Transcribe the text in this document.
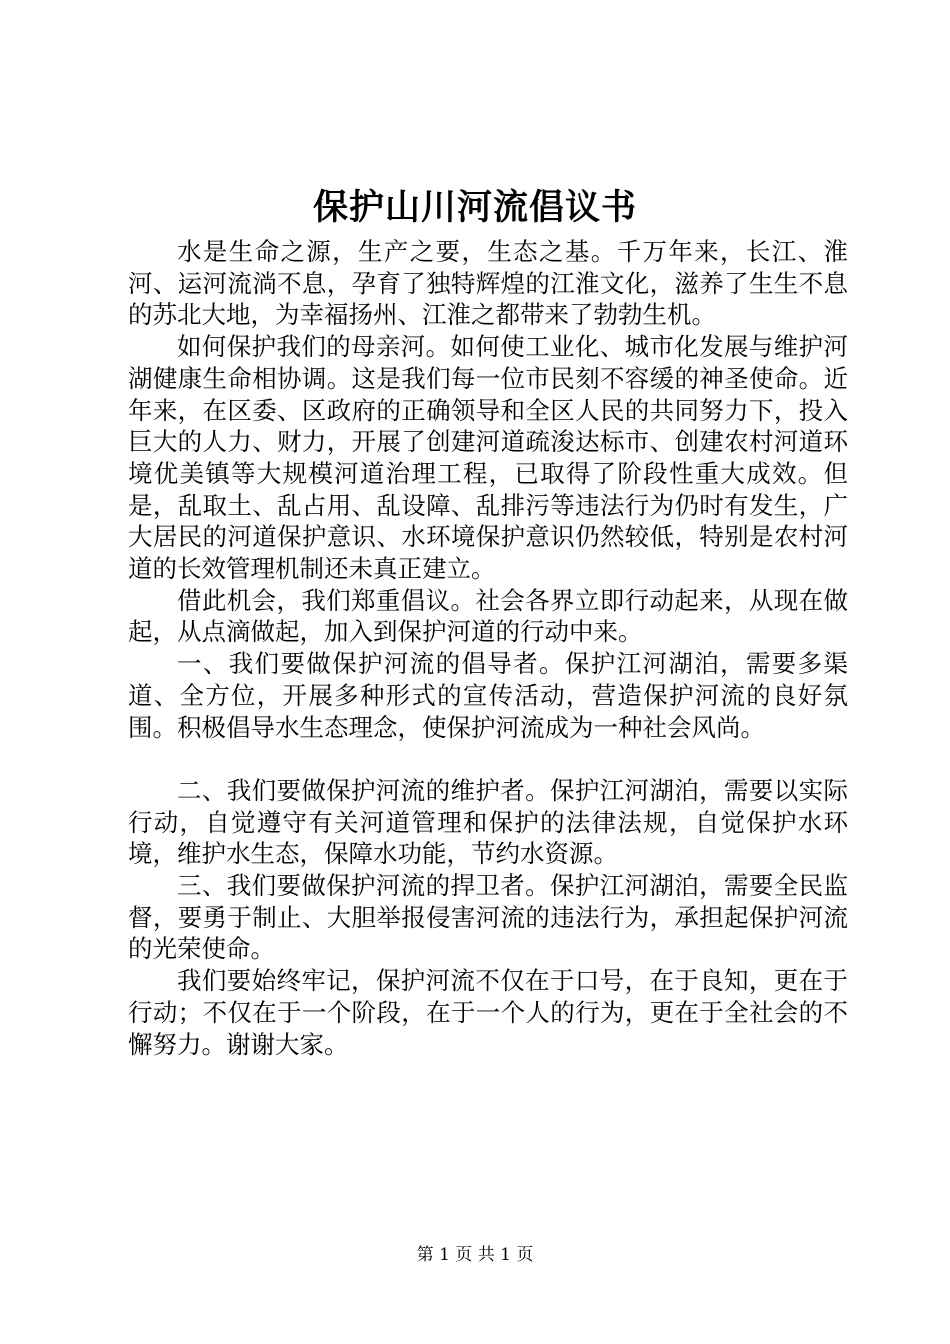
保护山川河流倡议书

水是生命之源，生产之要，生态之基。千万年来，长江、淮河、运河流淌不息，孕育了独特辉煌的江淮文化，滋养了生生不息的苏北大地，为幸福扬州、江淮之都带来了勃勃生机。

如何保护我们的母亲河。如何使工业化、城市化发展与维护河湖健康生命相协调。这是我们每一位市民刻不容缓的神圣使命。近年来，在区委、区政府的正确领导和全区人民的共同努力下，投入巨大的人力、财力，开展了创建河道疏浚达标市、创建农村河道环境优美镇等大规模河道治理工程，已取得了阶段性重大成效。但是，乱取土、乱占用、乱设障、乱排污等违法行为仍时有发生，广大居民的河道保护意识、水环境保护意识仍然较低，特别是农村河道的长效管理机制还未真正建立。

借此机会，我们郑重倡议。社会各界立即行动起来，从现在做起，从点滴做起，加入到保护河道的行动中来。

一、我们要做保护河流的倡导者。保护江河湖泊，需要多渠道、全方位，开展多种形式的宣传活动，营造保护河流的良好氛围。积极倡导水生态理念，使保护河流成为一种社会风尚。

二、我们要做保护河流的维护者。保护江河湖泊，需要以实际行动，自觉遵守有关河道管理和保护的法律法规，自觉保护水环境，维护水生态，保障水功能，节约水资源。

三、我们要做保护河流的捍卫者。保护江河湖泊，需要全民监督，要勇于制止、大胆举报侵害河流的违法行为，承担起保护河流的光荣使命。

我们要始终牢记，保护河流不仅在于口号，在于良知，更在于行动；不仅在于一个阶段，在于一个人的行为，更在于全社会的不懈努力。谢谢大家。

第 1 页 共 1 页
